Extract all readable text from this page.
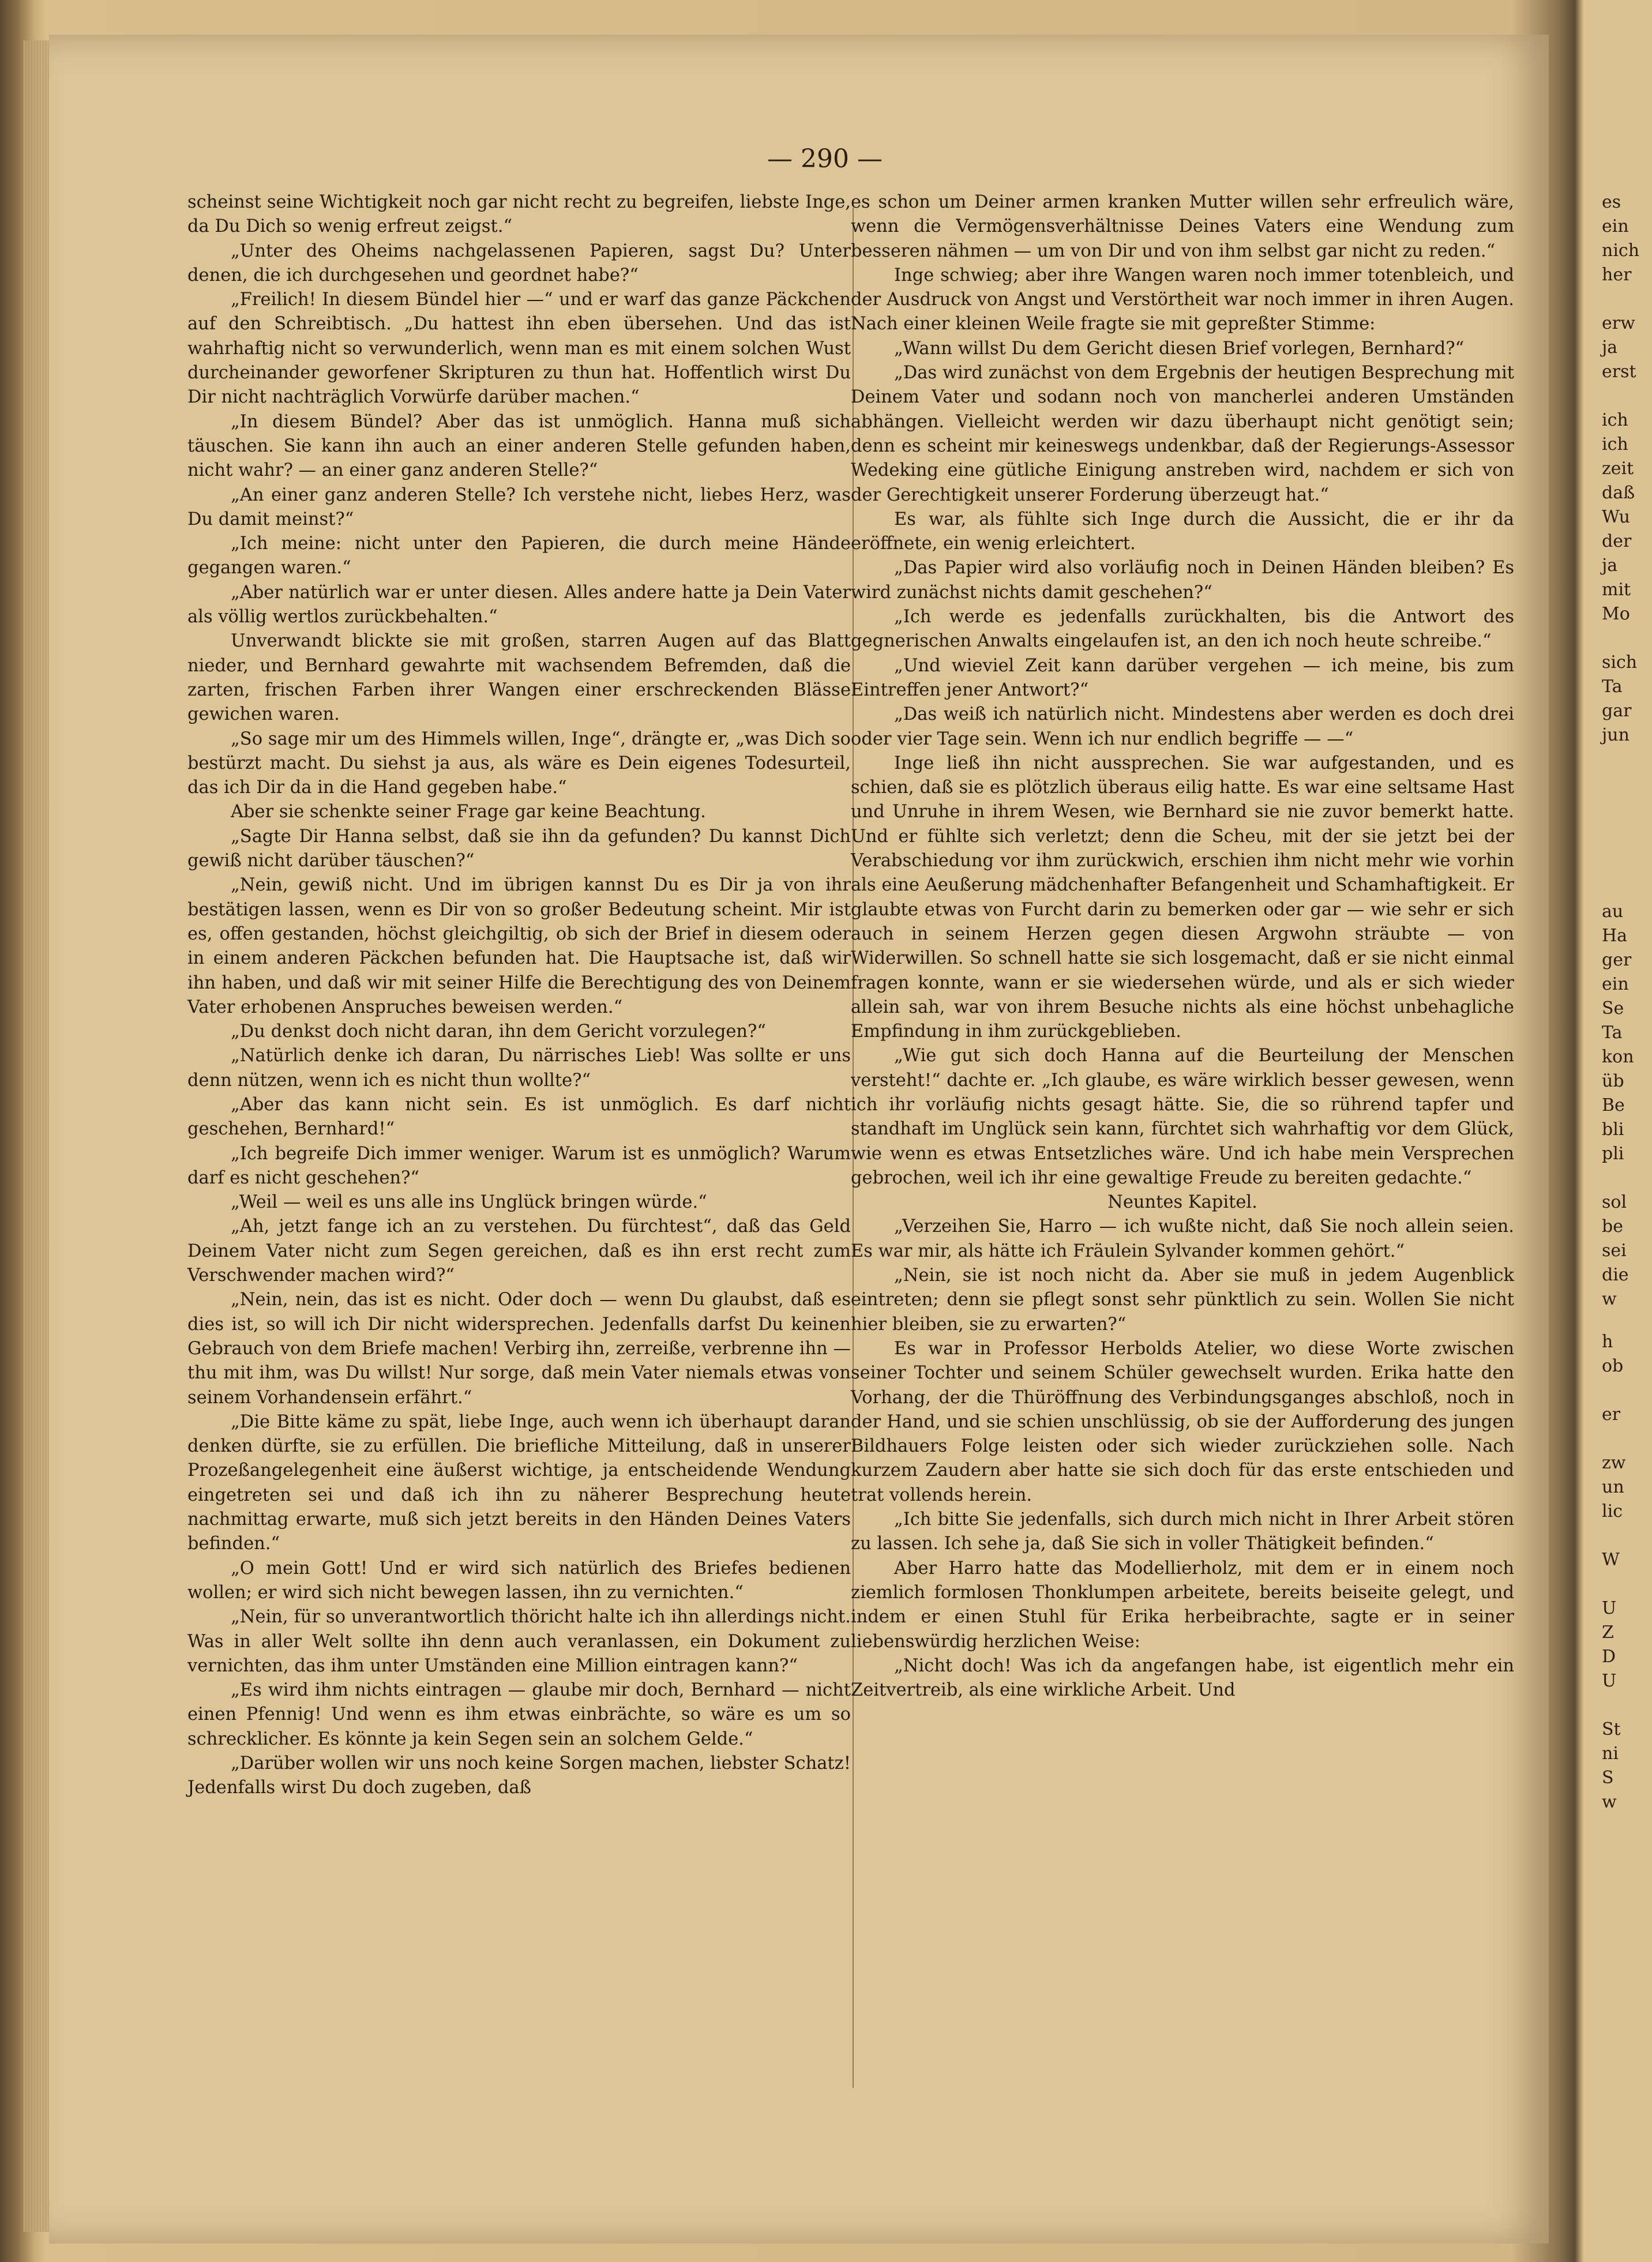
— 290 —

scheinst seine Wichtigkeit noch gar nicht recht zu begreifen, liebste Inge, da Du Dich so wenig erfreut zeigst.“

„Unter des Oheims nachgelassenen Papieren, sagst Du? Unter denen, die ich durchgesehen und geordnet habe?“

„Freilich! In diesem Bündel hier —“ und er warf das ganze Päckchen auf den Schreibtisch. „Du hattest ihn eben übersehen. Und das ist wahrhaftig nicht so verwunderlich, wenn man es mit einem solchen Wust durcheinander geworfener Skripturen zu thun hat. Hoffentlich wirst Du Dir nicht nachträglich Vorwürfe darüber machen.“

„In diesem Bündel? Aber das ist unmöglich. Hanna muß sich täuschen. Sie kann ihn auch an einer anderen Stelle gefunden haben, nicht wahr? — an einer ganz anderen Stelle?“

„An einer ganz anderen Stelle? Ich verstehe nicht, liebes Herz, was Du damit meinst?“

„Ich meine: nicht unter den Papieren, die durch meine Hände gegangen waren.“

„Aber natürlich war er unter diesen. Alles andere hatte ja Dein Vater als völlig wertlos zurückbehalten.“

Unverwandt blickte sie mit großen, starren Augen auf das Blatt nieder, und Bernhard gewahrte mit wachsendem Befremden, daß die zarten, frischen Farben ihrer Wangen einer erschreckenden Blässe gewichen waren.

„So sage mir um des Himmels willen, Inge“, drängte er, „was Dich so bestürzt macht. Du siehst ja aus, als wäre es Dein eigenes Todesurteil, das ich Dir da in die Hand gegeben habe.“

Aber sie schenkte seiner Frage gar keine Beachtung.

„Sagte Dir Hanna selbst, daß sie ihn da gefunden? Du kannst Dich gewiß nicht darüber täuschen?“

„Nein, gewiß nicht. Und im übrigen kannst Du es Dir ja von ihr bestätigen lassen, wenn es Dir von so großer Bedeutung scheint. Mir ist es, offen gestanden, höchst gleichgiltig, ob sich der Brief in diesem oder in einem anderen Päckchen befunden hat. Die Hauptsache ist, daß wir ihn haben, und daß wir mit seiner Hilfe die Berechtigung des von Deinem Vater erhobenen Anspruches beweisen werden.“

„Du denkst doch nicht daran, ihn dem Gericht vorzulegen?“

„Natürlich denke ich daran, Du närrisches Lieb! Was sollte er uns denn nützen, wenn ich es nicht thun wollte?“

„Aber das kann nicht sein. Es ist unmöglich. Es darf nicht geschehen, Bernhard!“

„Ich begreife Dich immer weniger. Warum ist es unmöglich? Warum darf es nicht geschehen?“

„Weil — weil es uns alle ins Unglück bringen würde.“

„Ah, jetzt fange ich an zu verstehen. Du fürchtest“, daß das Geld Deinem Vater nicht zum Segen gereichen, daß es ihn erst recht zum Verschwender machen wird?“

„Nein, nein, das ist es nicht. Oder doch — wenn Du glaubst, daß es dies ist, so will ich Dir nicht widersprechen. Jedenfalls darfst Du keinen Gebrauch von dem Briefe machen! Verbirg ihn, zerreiße, verbrenne ihn — thu mit ihm, was Du willst! Nur sorge, daß mein Vater niemals etwas von seinem Vorhandensein erfährt.“

„Die Bitte käme zu spät, liebe Inge, auch wenn ich überhaupt daran denken dürfte, sie zu erfüllen. Die briefliche Mitteilung, daß in unserer Prozeßangelegenheit eine äußerst wichtige, ja entscheidende Wendung eingetreten sei und daß ich ihn zu näherer Besprechung heute nachmittag erwarte, muß sich jetzt bereits in den Händen Deines Vaters befinden.“

„O mein Gott! Und er wird sich natürlich des Briefes bedienen wollen; er wird sich nicht bewegen lassen, ihn zu vernichten.“

„Nein, für so unverantwortlich thöricht halte ich ihn allerdings nicht. Was in aller Welt sollte ihn denn auch veranlassen, ein Dokument zu vernichten, das ihm unter Umständen eine Million eintragen kann?“

„Es wird ihm nichts eintragen — glaube mir doch, Bernhard — nicht einen Pfennig! Und wenn es ihm etwas einbrächte, so wäre es um so schrecklicher. Es könnte ja kein Segen sein an solchem Gelde.“

„Darüber wollen wir uns noch keine Sorgen machen, liebster Schatz! Jedenfalls wirst Du doch zugeben, daß

es schon um Deiner armen kranken Mutter willen sehr erfreulich wäre, wenn die Vermögensverhältnisse Deines Vaters eine Wendung zum besseren nähmen — um von Dir und von ihm selbst gar nicht zu reden.“

Inge schwieg; aber ihre Wangen waren noch immer totenbleich, und der Ausdruck von Angst und Verstörtheit war noch immer in ihren Augen. Nach einer kleinen Weile fragte sie mit gepreßter Stimme:

„Wann willst Du dem Gericht diesen Brief vorlegen, Bernhard?“

„Das wird zunächst von dem Ergebnis der heutigen Besprechung mit Deinem Vater und sodann noch von mancherlei anderen Umständen abhängen. Vielleicht werden wir dazu überhaupt nicht genötigt sein; denn es scheint mir keineswegs undenkbar, daß der Regierungs-Assessor Wedeking eine gütliche Einigung anstreben wird, nachdem er sich von der Gerechtigkeit unserer Forderung überzeugt hat.“

Es war, als fühlte sich Inge durch die Aussicht, die er ihr da eröffnete, ein wenig erleichtert.

„Das Papier wird also vorläufig noch in Deinen Händen bleiben? Es wird zunächst nichts damit geschehen?“

„Ich werde es jedenfalls zurückhalten, bis die Antwort des gegnerischen Anwalts eingelaufen ist, an den ich noch heute schreibe.“

„Und wieviel Zeit kann darüber vergehen — ich meine, bis zum Eintreffen jener Antwort?“

„Das weiß ich natürlich nicht. Mindestens aber werden es doch drei oder vier Tage sein. Wenn ich nur endlich begriffe — —“

Inge ließ ihn nicht aussprechen. Sie war aufgestanden, und es schien, daß sie es plötzlich überaus eilig hatte. Es war eine seltsame Hast und Unruhe in ihrem Wesen, wie Bernhard sie nie zuvor bemerkt hatte. Und er fühlte sich verletzt; denn die Scheu, mit der sie jetzt bei der Verabschiedung vor ihm zurückwich, erschien ihm nicht mehr wie vorhin als eine Aeußerung mädchenhafter Befangenheit und Schamhaftigkeit. Er glaubte etwas von Furcht darin zu bemerken oder gar — wie sehr er sich auch in seinem Herzen gegen diesen Argwohn sträubte — von Widerwillen. So schnell hatte sie sich losgemacht, daß er sie nicht einmal fragen konnte, wann er sie wiedersehen würde, und als er sich wieder allein sah, war von ihrem Besuche nichts als eine höchst unbehagliche Empfindung in ihm zurückgeblieben.

„Wie gut sich doch Hanna auf die Beurteilung der Menschen versteht!“ dachte er. „Ich glaube, es wäre wirklich besser gewesen, wenn ich ihr vorläufig nichts gesagt hätte. Sie, die so rührend tapfer und standhaft im Unglück sein kann, fürchtet sich wahrhaftig vor dem Glück, wie wenn es etwas Entsetzliches wäre. Und ich habe mein Versprechen gebrochen, weil ich ihr eine gewaltige Freude zu bereiten gedachte.“

Neuntes Kapitel.

„Verzeihen Sie, Harro — ich wußte nicht, daß Sie noch allein seien. Es war mir, als hätte ich Fräulein Sylvander kommen gehört.“

„Nein, sie ist noch nicht da. Aber sie muß in jedem Augenblick eintreten; denn sie pflegt sonst sehr pünktlich zu sein. Wollen Sie nicht hier bleiben, sie zu erwarten?“

Es war in Professor Herbolds Atelier, wo diese Worte zwischen seiner Tochter und seinem Schüler gewechselt wurden. Erika hatte den Vorhang, der die Thüröffnung des Verbindungsganges abschloß, noch in der Hand, und sie schien unschlüssig, ob sie der Aufforderung des jungen Bildhauers Folge leisten oder sich wieder zurückziehen solle. Nach kurzem Zaudern aber hatte sie sich doch für das erste entschieden und trat vollends herein.

„Ich bitte Sie jedenfalls, sich durch mich nicht in Ihrer Arbeit stören zu lassen. Ich sehe ja, daß Sie sich in voller Thätigkeit befinden.“

Aber Harro hatte das Modellierholz, mit dem er in einem noch ziemlich formlosen Thonklumpen arbeitete, bereits beiseite gelegt, und indem er einen Stuhl für Erika herbeibrachte, sagte er in seiner liebenswürdig herzlichen Weise:

„Nicht doch! Was ich da angefangen habe, ist eigentlich mehr ein Zeitvertreib, als eine wirkliche Arbeit. Und

es
ein
nich
her
erw
ja
erst
ich
ich
zeit
daß
Wu
der
ja
mit
Mo
sich
Ta
gar
jun
au
Ha
ger
ein
Se
Ta
kon
üb
Be
bli
pli
sol
be
sei
die
w
h
ob
er
zw
un
lic
W
U
Z
D
U
St
ni
S
w
